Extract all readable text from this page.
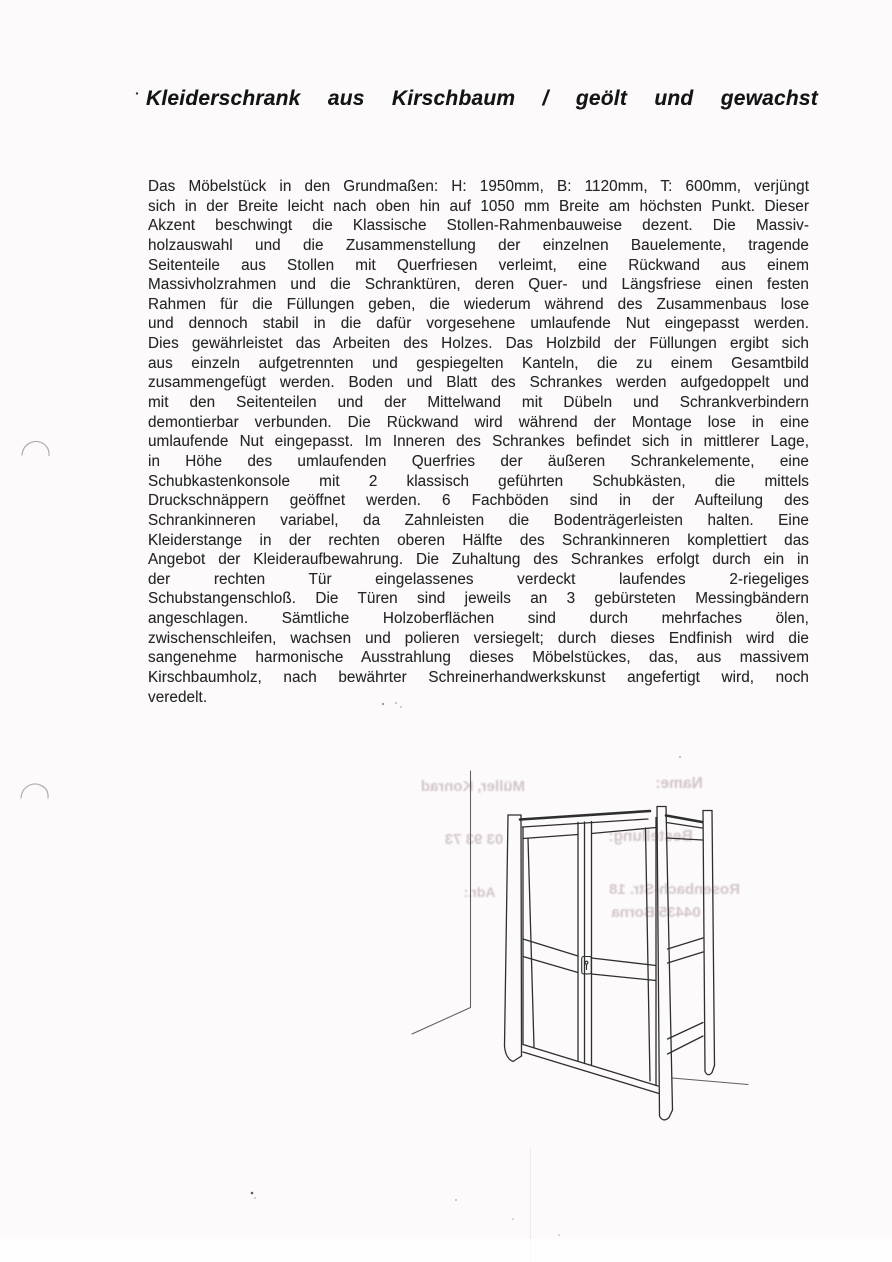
Müller, Konrad	Name:
03 93 73	Bestellung:
Adr.:	Rosenbach-Str. 18
04435 Borna
Kleiderschrank aus Kirschbaum / geölt und gewachst
Das Möbelstück in den Grundmaßen: H: 1950mm, B: 1120mm, T: 600mm, verjüngt
sich in der Breite leicht nach oben hin auf 1050 mm Breite am höchsten Punkt. Dieser
Akzent beschwingt die Klassische Stollen-Rahmenbauweise dezent. Die Massiv-
holzauswahl und die Zusammenstellung der einzelnen Bauelemente, tragende
Seitenteile aus Stollen mit Querfriesen verleimt, eine Rückwand aus einem
Massivholzrahmen und die Schranktüren, deren Quer- und Längsfriese einen festen
Rahmen für die Füllungen geben, die wiederum während des Zusammenbaus lose
und dennoch stabil in die dafür vorgesehene umlaufende Nut eingepasst werden.
Dies gewährleistet das Arbeiten des Holzes. Das Holzbild der Füllungen ergibt sich
aus einzeln aufgetrennten und gespiegelten Kanteln, die zu einem Gesamtbild
zusammengefügt werden. Boden und Blatt des Schrankes werden aufgedoppelt und
mit den Seitenteilen und der Mittelwand mit Dübeln und Schrankverbindern
demontierbar verbunden. Die Rückwand wird während der Montage lose in eine
umlaufende Nut eingepasst. Im Inneren des Schrankes befindet sich in mittlerer Lage,
in Höhe des umlaufenden Querfries der äußeren Schrankelemente, eine
Schubkastenkonsole mit 2 klassisch geführten Schubkästen, die mittels
Druckschnäppern geöffnet werden. 6 Fachböden sind in der Aufteilung des
Schrankinneren variabel, da Zahnleisten die Bodenträgerleisten halten. Eine
Kleiderstange in der rechten oberen Hälfte des Schrankinneren komplettiert das
Angebot der Kleideraufbewahrung. Die Zuhaltung des Schrankes erfolgt durch ein in
der rechten Tür eingelassenes verdeckt laufendes 2-riegeliges
Schubstangenschloß. Die Türen sind jeweils an 3 gebürsteten Messingbändern
angeschlagen. Sämtliche Holzoberflächen sind durch mehrfaches ölen,
zwischenschleifen, wachsen und polieren versiegelt; durch dieses Endfinish wird die
sangenehme harmonische Ausstrahlung dieses Möbelstückes, das, aus massivem
Kirschbaumholz, nach bewährter Schreinerhandwerkskunst angefertigt wird, noch
veredelt.
